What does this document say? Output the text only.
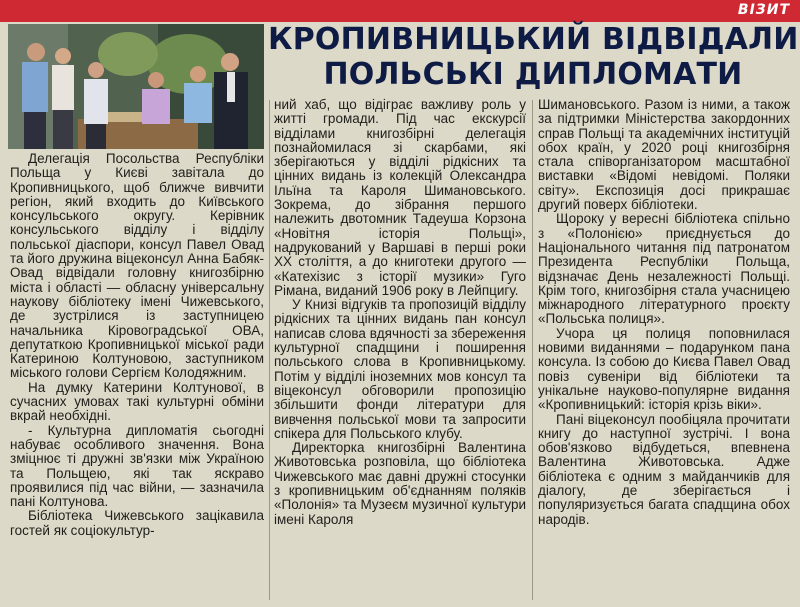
ВІЗИТ
КРОПИВНИЦЬКИЙ ВІДВІДАЛИ
ПОЛЬСЬКІ ДИПЛОМАТИ

Делегація Посольства Республіки Польща у Києві завітала до Кропивницького, щоб ближче вивчити регіон, який входить до Київського консульського округу. Керівник консульського відділу і відділу польської діаспори, консул Павел Овад та його дружина віцеконсул Анна Бабяк-Овад відвідали головну книгозбірню міста і області — обласну універсальну наукову бібліотеку імені Чижевського, де зустрілися із заступницею начальника Кіровоградської ОВА, депутаткою Кропивницької міської ради Катериною Колтуновою, заступником міського голови Сергієм Колодяжним.

На думку Катерини Колтунової, в сучасних умовах такі культурні обміни вкрай необхідні.

- Культурна дипломатія сьогодні набуває особливого значення. Вона зміцнює ті дружні зв'язки між Україною та Польщею, які так яскраво проявилися під час війни, — зазначила пані Колтунова.

Бібліотека Чижевського зацікавила гостей як соціокультур-

ний хаб, що відіграє важливу роль у житті громади. Під час екскурсії відділами книгозбірні делегація познайомилася зі скарбами, які зберігаються у відділі рідкісних та цінних видань із колекцій Олександра Ільїна та Кароля Шимановського. Зокрема, до зібрання першого належить двотомник Тадеуша Корзона «Новітня історія Польщі», надрукований у Варшаві в перші роки XX століття, а до книготеки другого — «Катехізис з історії музики» Гуго Рімана, виданий 1906 року в Лейпцигу.

У Книзі відгуків та пропозицій відділу рідкісних та цінних видань пан консул написав слова вдячності за збереження культурної спадщини і поширення польського слова в Кропивницькому. Потім у відділі іноземних мов консул та віцеконсул обговорили пропозицію збільшити фонди літератури для вивчення польської мови та запросити спікера для Польського клубу.

Директорка книгозбірні Валентина Животовська розповіла, що бібліотека Чижевського має давні дружні стосунки з кропивницьким об'єднанням поляків «Полонія» та Музеєм музичної культури імені Кароля

Шимановського. Разом із ними, а також за підтримки Міністерства закордонних справ Польщі та академічних інституцій обох країн, у 2020 році книгозбірня стала співорганізатором масштабної виставки «Відомі невідомі. Поляки світу». Експозиція досі прикрашає другий поверх бібліотеки.

Щороку у вересні бібліотека спільно з «Полонією» приєднується до Національного читання під патронатом Президента Республіки Польща, відзначає День незалежності Польщі. Крім того, книгозбірня стала учасницею міжнародного літературного проєкту «Польська полиця».

Учора ця полиця поповнилася новими виданнями – подарунком пана консула. Із собою до Києва Павел Овад повіз сувеніри від бібліотеки та унікальне науково-популярне видання «Кропивницький: історія крізь віки».

Пані віцеконсул пообіцяла прочитати книгу до наступної зустрічі. І вона обов'язково відбудеться, впевнена Валентина Животовська. Адже бібліотека є одним з майданчиків для діалогу, де зберігається і популяризується багата спадщина обох народів.
